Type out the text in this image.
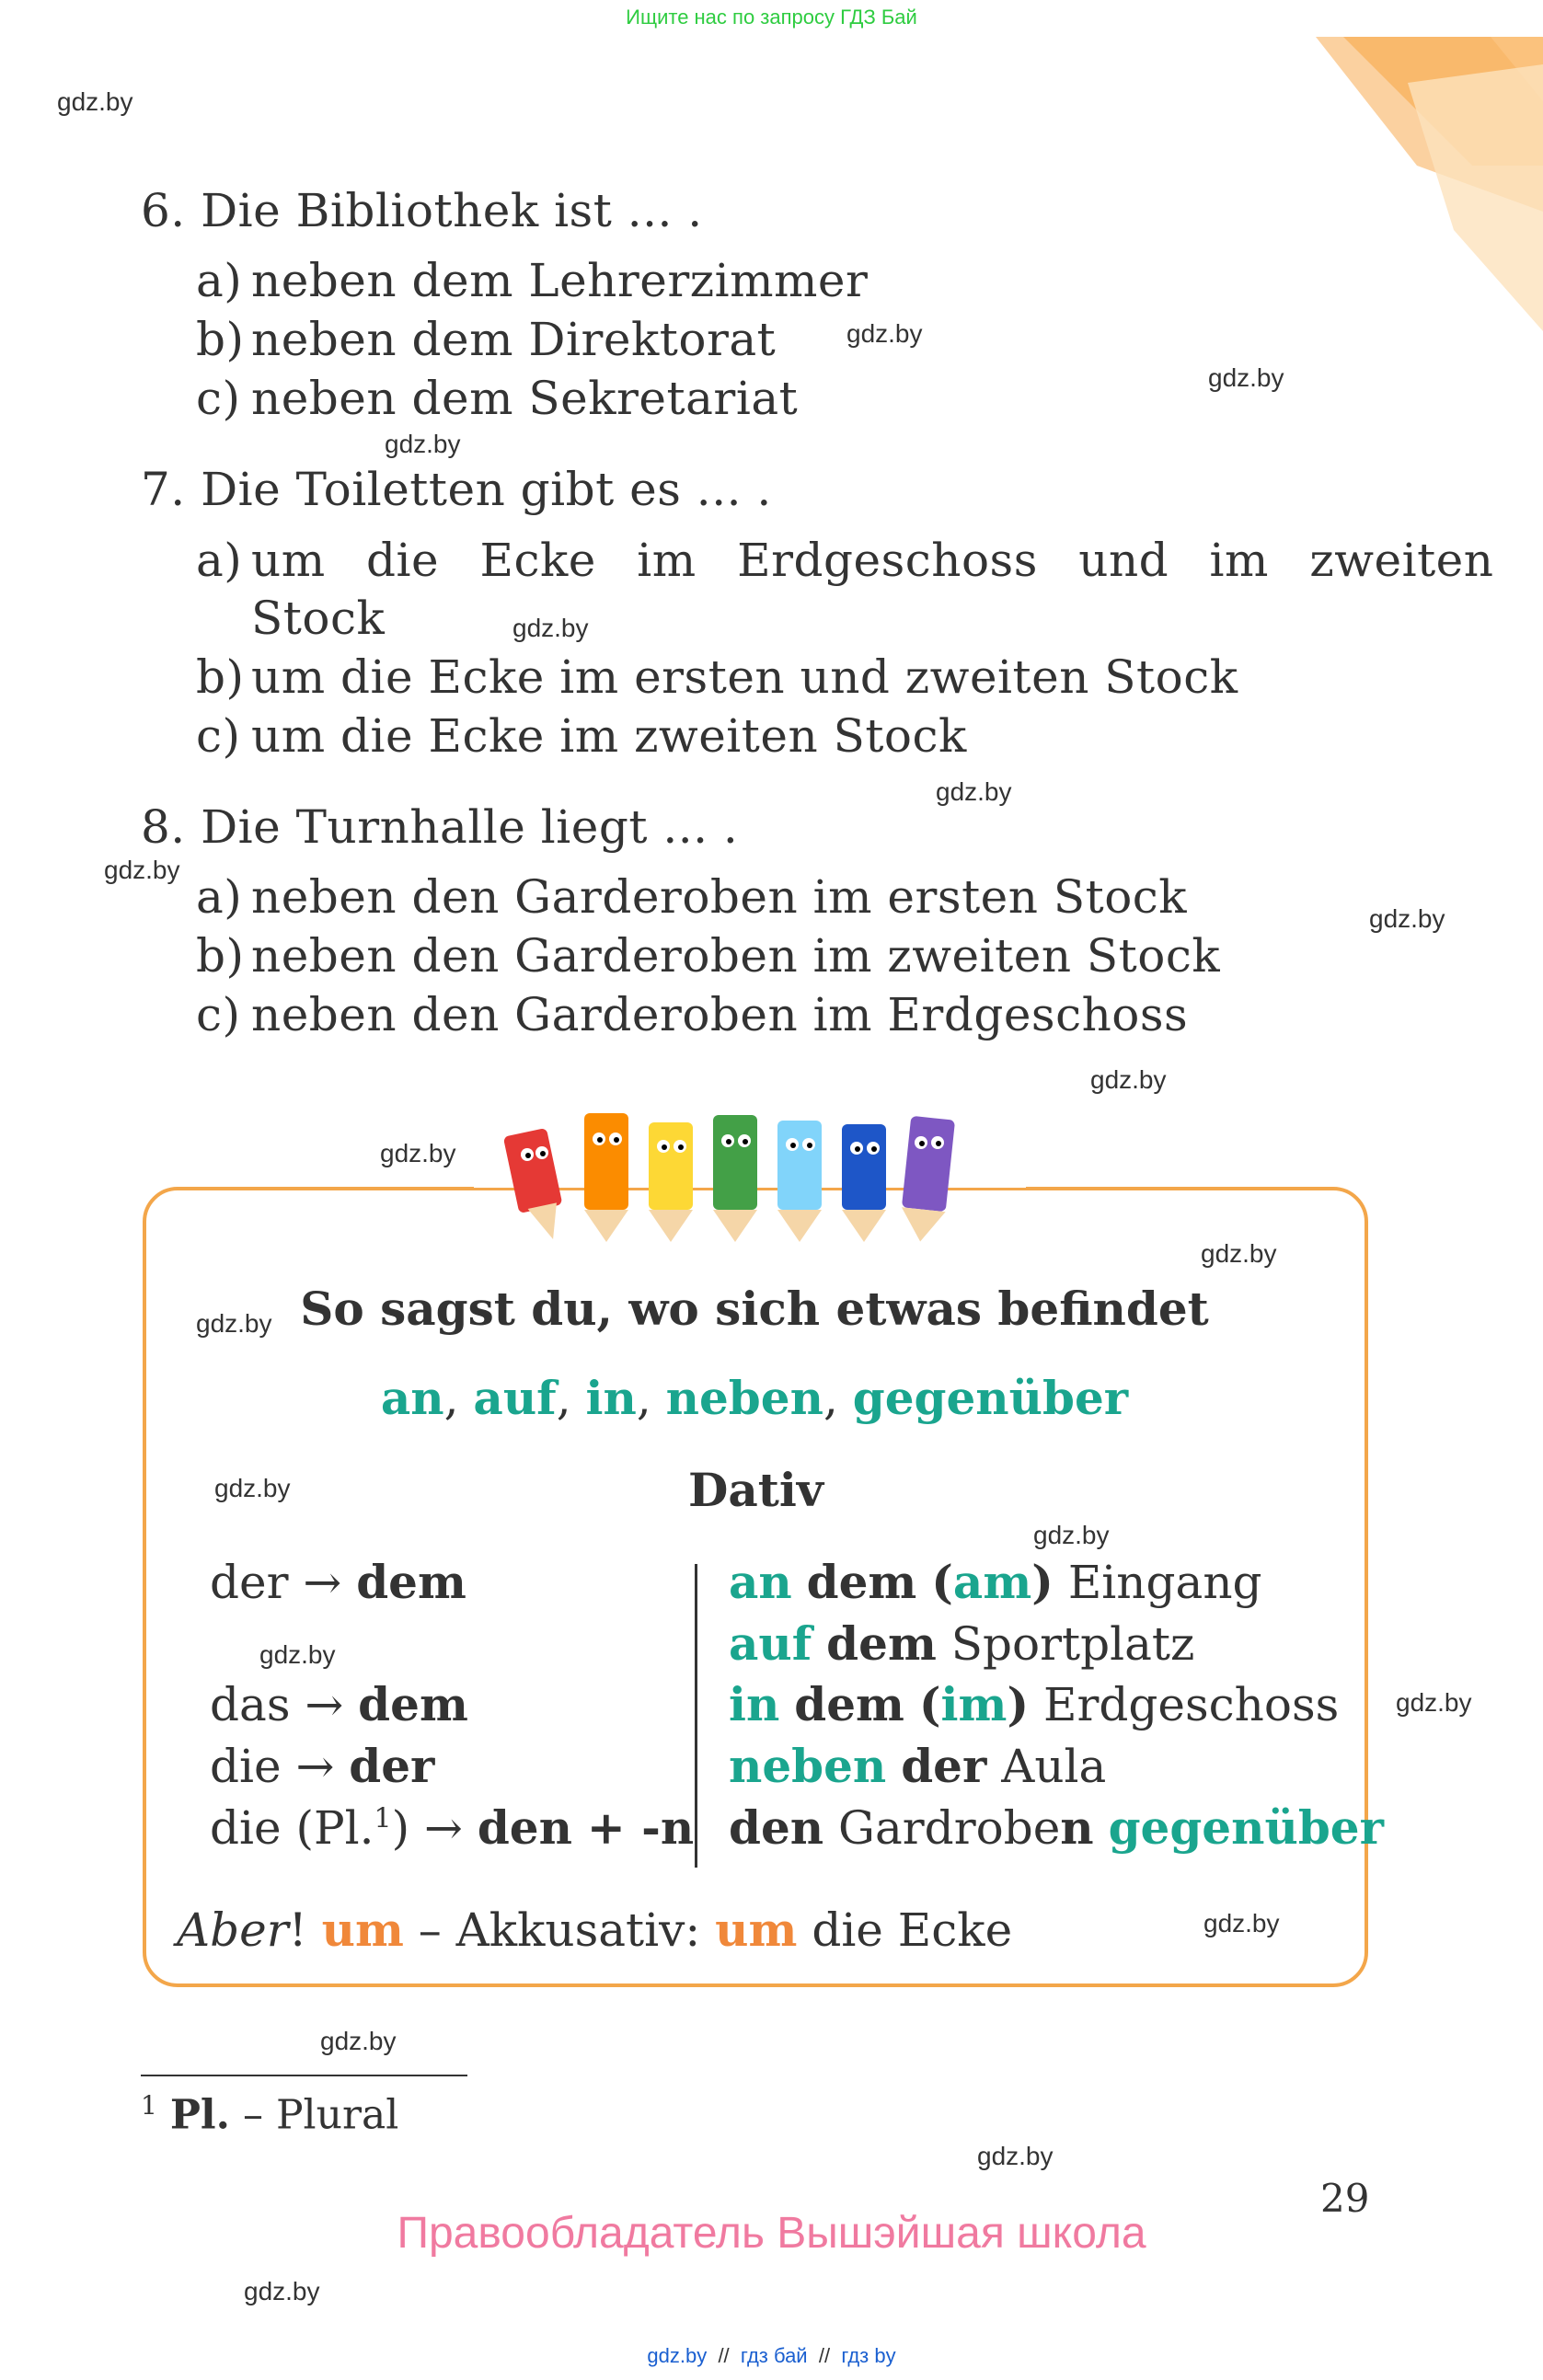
Ищите нас по запросу ГДЗ Бай
gdz.by
gdz.by
gdz.by
gdz.by
gdz.by
gdz.by
gdz.by
gdz.by
gdz.by
gdz.by
gdz.by
gdz.by
gdz.by
gdz.by
gdz.by
gdz.by
gdz.by
gdz.by
gdz.by
gdz.by
6. Die Bibliothek ist ... .
a) neben dem Lehrerzimmer
b) neben dem Direktorat
c) neben dem Sekretariat
7. Die Toiletten gibt es ... .
a) um die Ecke im Erdgeschoss und im zweiten
Stock
b) um die Ecke im ersten und zweiten Stock
c) um die Ecke im zweiten Stock
8. Die Turnhalle liegt ... .
a) neben den Garderoben im ersten Stock
b) neben den Garderoben im zweiten Stock
c) neben den Garderoben im Erdgeschoss
So sagst du, wo sich etwas befindet
an, auf, in, neben, gegenüber
Dativ
der → dem
das → dem
die → der
die (Pl.$^1$) → den + -n
an dem (am) Eingang
auf dem Sportplatz
in dem (im) Erdgeschoss
neben der Aula
den Gardroben gegenüber
Aber! um – Akkusativ: um die Ecke
$^1$ Pl. – Plural
29
Правообладатель Вышэйшая школа
gdz.by  //  гдз бай  //  гдз by
